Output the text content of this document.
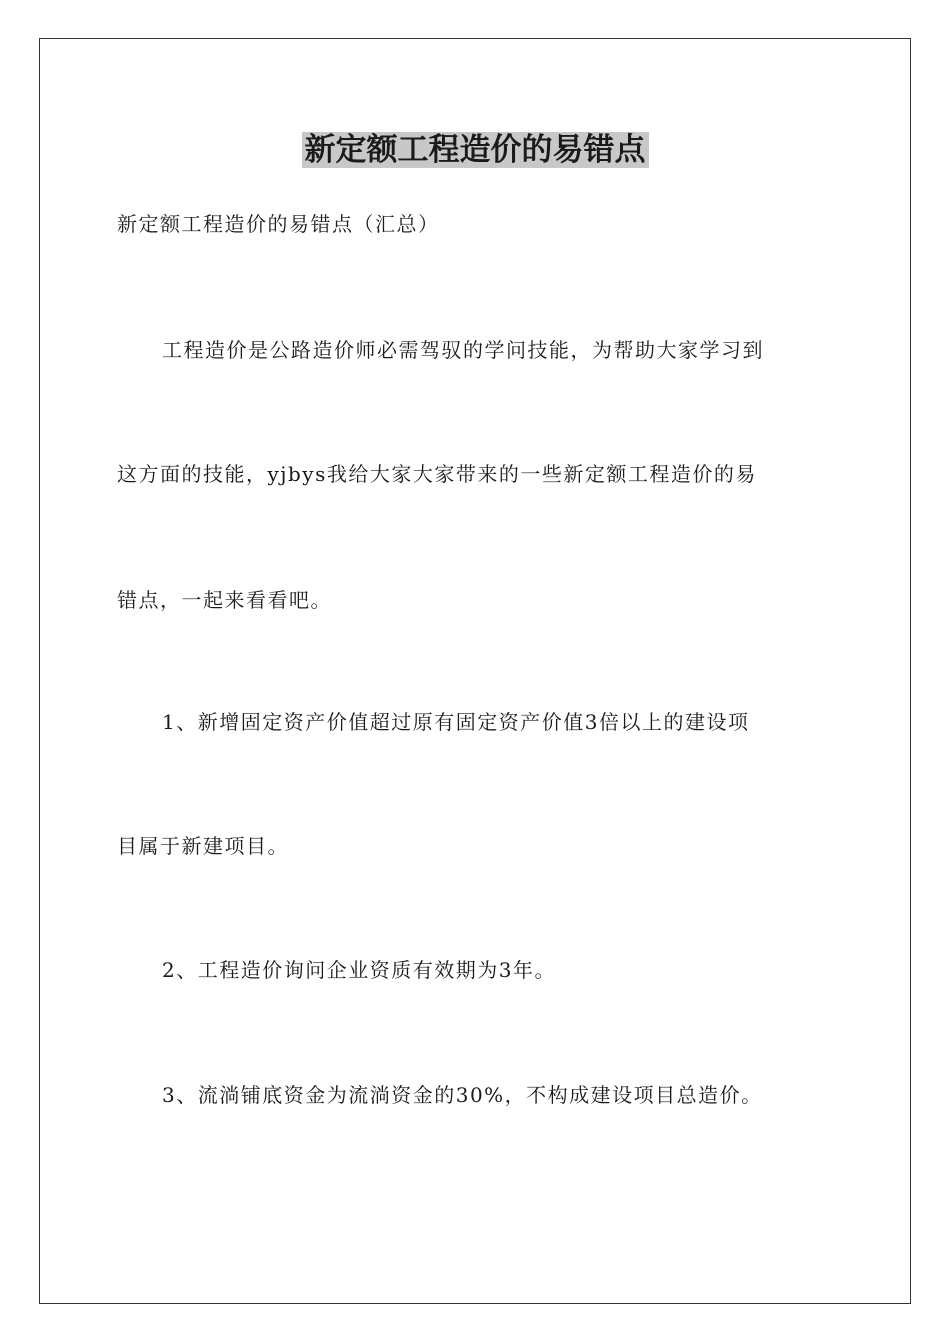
新定额工程造价的易错点

新定额工程造价的易错点（汇总）

工程造价是公路造价师必需驾驭的学问技能，为帮助大家学习到

这方面的技能，yjbys我给大家大家带来的一些新定额工程造价的易

错点，一起来看看吧。

1、新增固定资产价值超过原有固定资产价值3倍以上的建设项

目属于新建项目。

2、工程造价询问企业资质有效期为3年。

3、流淌铺底资金为流淌资金的30%，不构成建设项目总造价。
